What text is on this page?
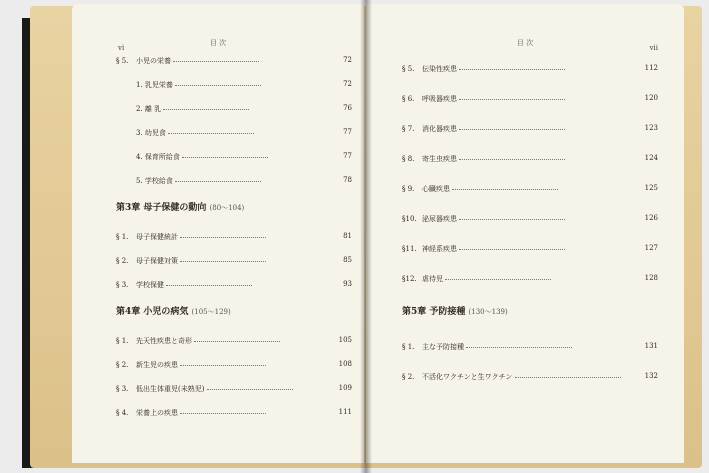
vi
目 次
§ 5. 小児の栄養	72
1. 乳児栄養	72
2. 離 乳	76
3. 幼児食	77
4. 保育所給食	77
5. 学校給食	78
第3章 母子保健の動向 (80〜104)
§ 1. 母子保健統計	81
§ 2. 母子保健対策	85
§ 3. 学校保健	93
第4章 小児の病気 (105〜129)
§ 1. 先天性疾患と奇形	105
§ 2. 新生児の疾患	108
§ 3. 低出生体重児(未熟児)	109
§ 4. 栄養上の疾患	111
vii
目 次
§ 5. 伝染性疾患	112
§ 6. 呼吸器疾患	120
§ 7. 消化器疾患	123
§ 8. 寄生虫疾患	124
§ 9. 心臓疾患	125
§10. 泌尿器疾患	126
§11. 神経系疾患	127
§12. 虐待児	128
第5章 予防接種 (130〜139)
§ 1. 主な予防接種	131
§ 2. 不活化ワクチンと生ワクチン	132
